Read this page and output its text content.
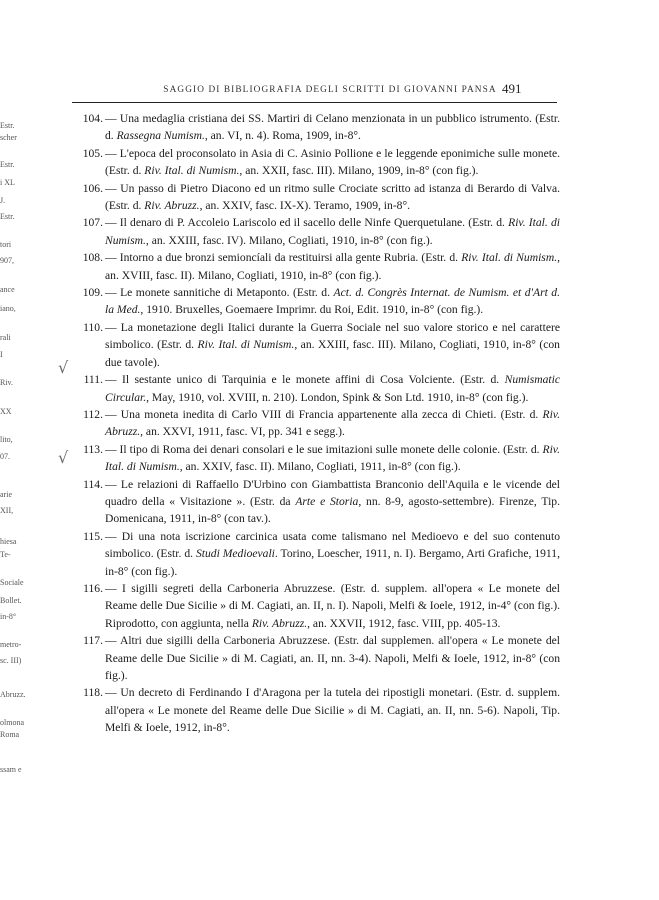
Estr.
scher
Estr.
i XL
J.
Estr.
tori
907,
ance
iano,
rali
I
Riv.
XX
lito,
07.
arie
XII,
hiesa
Te-
Sociale
Bollet.
in-8°
metro-
sc. III)
Abruzz.
olmona
Roma
ssam e
SAGGIO DI BIBLIOGRAFIA DEGLI SCRITTI DI GIOVANNI PANSA 491
√
√
104. — Una medaglia cristiana dei SS. Martiri di Celano menzionata in un pubblico istrumento. (Estr. d. Rassegna Numism., an. VI, n. 4). Roma, 1909, in-8°.
105. — L'epoca del proconsolato in Asia di C. Asinio Pollione e le leggende eponimiche sulle monete. (Estr. d. Riv. Ital. di Numism., an. XXII, fasc. III). Milano, 1909, in-8° (con fig.).
106. — Un passo di Pietro Diacono ed un ritmo sulle Crociate scritto ad istanza di Berardo di Valva. (Estr. d. Riv. Abruzz., an. XXIV, fasc. IX-X). Teramo, 1909, in-8°.
107. — Il denaro di P. Accoleio Lariscolo ed il sacello delle Ninfe Querquetulane. (Estr. d. Riv. Ital. di Numism., an. XXIII, fasc. IV). Milano, Cogliati, 1910, in-8° (con fig.).
108. — Intorno a due bronzi semioncíali da restituirsi alla gente Rubria. (Estr. d. Riv. Ital. di Numism., an. XVIII, fasc. II). Milano, Cogliati, 1910, in-8° (con fig.).
109. — Le monete sannitiche di Metaponto. (Estr. d. Act. d. Congrès Internat. de Numism. et d'Art d. la Med., 1910. Bruxelles, Goemaere Imprimr. du Roi, Edit. 1910, in-8° (con fig.).
110. — La monetazione degli Italici durante la Guerra Sociale nel suo valore storico e nel carattere simbolico. (Estr. d. Riv. Ital. di Numism., an. XXIII, fasc. III). Milano, Cogliati, 1910, in-8° (con due tavole).
111. — Il sestante unico di Tarquinia e le monete affini di Cosa Volciente. (Estr. d. Numismatic Circular., May, 1910, vol. XVIII, n. 210). London, Spink & Son Ltd. 1910, in-8° (con fig.).
112. — Una moneta inedita di Carlo VIII di Francia appartenente alla zecca di Chieti. (Estr. d. Riv. Abruzz., an. XXVI, 1911, fasc. VI, pp. 341 e segg.).
113. — Il tipo di Roma dei denari consolari e le sue imitazioni sulle monete delle colonie. (Estr. d. Riv. Ital. di Numism., an. XXIV, fasc. II). Milano, Cogliati, 1911, in-8° (con fig.).
114. — Le relazioni di Raffaello D'Urbino con Giambattista Branconio dell'Aquila e le vicende del quadro della « Visitazione ». (Estr. da Arte e Storia, nn. 8-9, agosto-settembre). Firenze, Tip. Domenicana, 1911, in-8° (con tav.).
115. — Di una nota iscrizione carcinica usata come talismano nel Medioevo e del suo contenuto simbolico. (Estr. d. Studi Medioevali. Torino, Loescher, 1911, n. I). Bergamo, Arti Grafiche, 1911, in-8° (con fig.).
116. — I sigilli segreti della Carboneria Abruzzese. (Estr. d. supplem. all'opera « Le monete del Reame delle Due Sicilie » di M. Cagiati, an. II, n. I). Napoli, Melfi & Ioele, 1912, in-4° (con fig.). Riprodotto, con aggiunta, nella Riv. Abruzz., an. XXVII, 1912, fasc. VIII, pp. 405-13.
117. — Altri due sigilli della Carboneria Abruzzese. (Estr. dal supplemen. all'opera « Le monete del Reame delle Due Sicilie » di M. Cagiati, an. II, nn. 3-4). Napoli, Melfi & Ioele, 1912, in-8° (con fig.).
118. — Un decreto di Ferdinando I d'Aragona per la tutela dei ripostigli monetari. (Estr. d. supplem. all'opera « Le monete del Reame delle Due Sicilie » di M. Cagiati, an. II, nn. 5-6). Napoli, Tip. Melfi & Ioele, 1912, in-8°.
